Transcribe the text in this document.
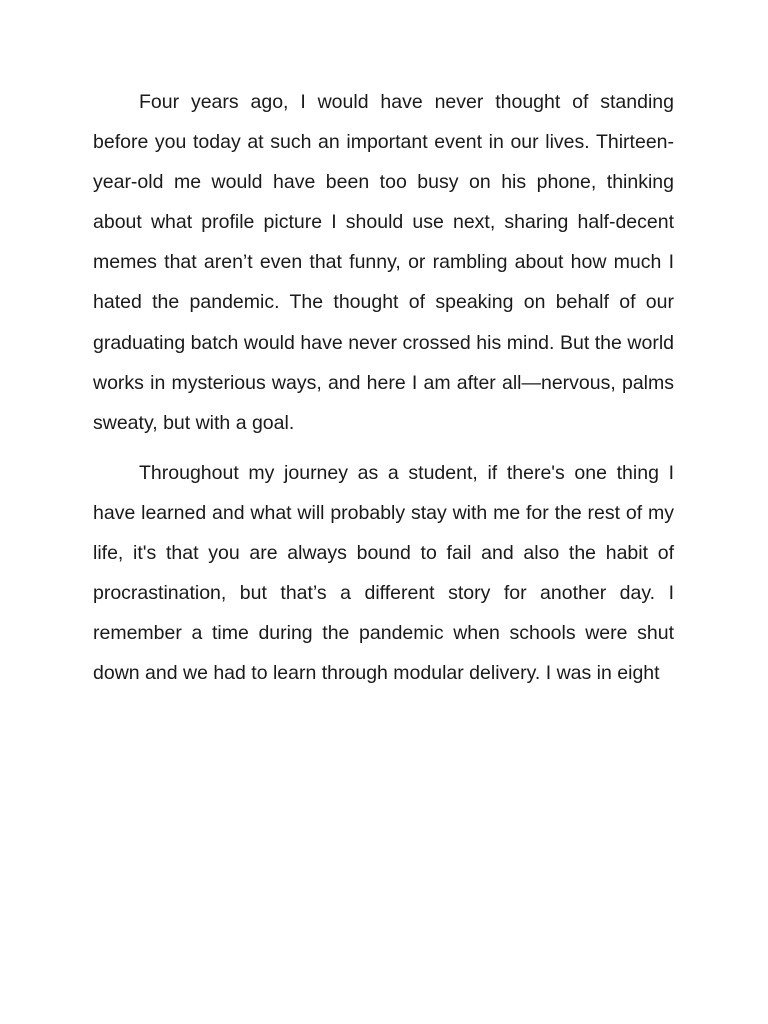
Four years ago, I would have never thought of standing before you today at such an important event in our lives. Thirteen-year-old me would have been too busy on his phone, thinking about what profile picture I should use next, sharing half-decent memes that aren’t even that funny, or rambling about how much I hated the pandemic. The thought of speaking on behalf of our graduating batch would have never crossed his mind. But the world works in mysterious ways, and here I am after all—nervous, palms sweaty, but with a goal.

Throughout my journey as a student, if there's one thing I have learned and what will probably stay with me for the rest of my life, it's that you are always bound to fail and also the habit of procrastination, but that’s a different story for another day. I remember a time during the pandemic when schools were shut down and we had to learn through modular delivery. I was in eight
